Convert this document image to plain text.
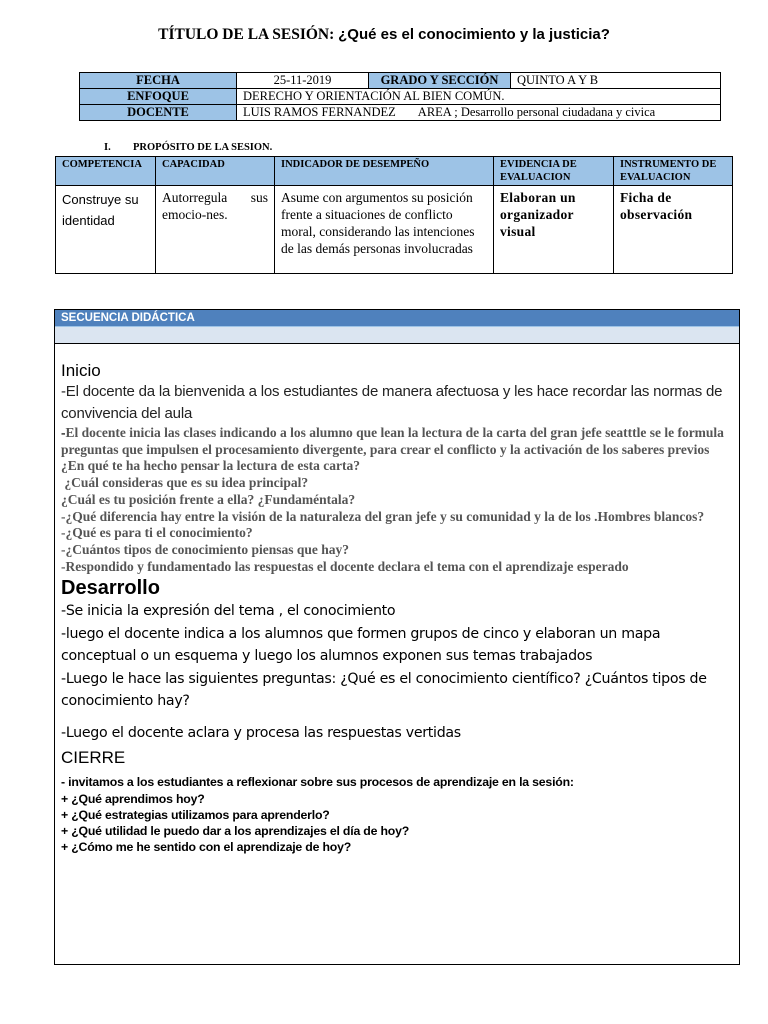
TÍTULO DE LA SESIÓN: ¿Qué es el conocimiento y la justicia?
FECHA	25-11-2019	GRADO Y SECCIÓN	QUINTO A Y B
ENFOQUE	DERECHO Y ORIENTACIÓN AL BIEN COMÚN.		
DOCENTE	LUIS RAMOS FERNANDEZ AREA ; Desarrollo personal ciudadana y civica		
I. PROPÓSITO DE LA SESION.
COMPETENCIA	CAPACIDAD	INDICADOR DE DESEMPEÑO	EVIDENCIA DE EVALUACION	INSTRUMENTO DE EVALUACION
Construye su identidad	Autorregula sus emocio-nes.	Asume con argumentos su posición frente a situaciones de conflicto moral, considerando las intenciones de las demás personas involucradas	Elaboran un organizador visual	Ficha de observación
SECUENCIA DIDÁCTICA
Inicio
-El docente da la bienvenida a los estudiantes de manera afectuosa y les hace recordar las normas de convivencia del aula
-El docente inicia las clases indicando a los alumno que lean la lectura de la carta del gran jefe seatttle se le formula preguntas que impulsen el procesamiento divergente, para crear el conflicto y la activación de los saberes previos
¿En qué te ha hecho pensar la lectura de esta carta?
¿Cuál consideras que es su idea principal?
¿Cuál es tu posición frente a ella? ¿Fundaméntala?
-¿Qué diferencia hay entre la visión de la naturaleza del gran jefe y su comunidad y la de los .Hombres blancos?
-¿Qué es para ti el conocimiento?
-¿Cuántos tipos de conocimiento piensas que hay?
-Respondido y fundamentado las respuestas el docente declara el tema con el aprendizaje esperado
Desarrollo
-Se inicia la expresión del tema , el conocimiento
-luego el docente indica a los alumnos que formen grupos de cinco y elaboran un mapa conceptual o un esquema y luego los alumnos exponen sus temas trabajados
-Luego le hace las siguientes preguntas: ¿Qué es el conocimiento científico? ¿Cuántos tipos de conocimiento hay?
-Luego el docente aclara y procesa las respuestas vertidas
CIERRE
- invitamos a los estudiantes a reflexionar sobre sus procesos de aprendizaje en la sesión:
+ ¿Qué aprendimos hoy?
+ ¿Qué estrategias utilizamos para aprenderlo?
+ ¿Qué utilidad le puedo dar a los aprendizajes el día de hoy?
+ ¿Cómo me he sentido con el aprendizaje de hoy?
